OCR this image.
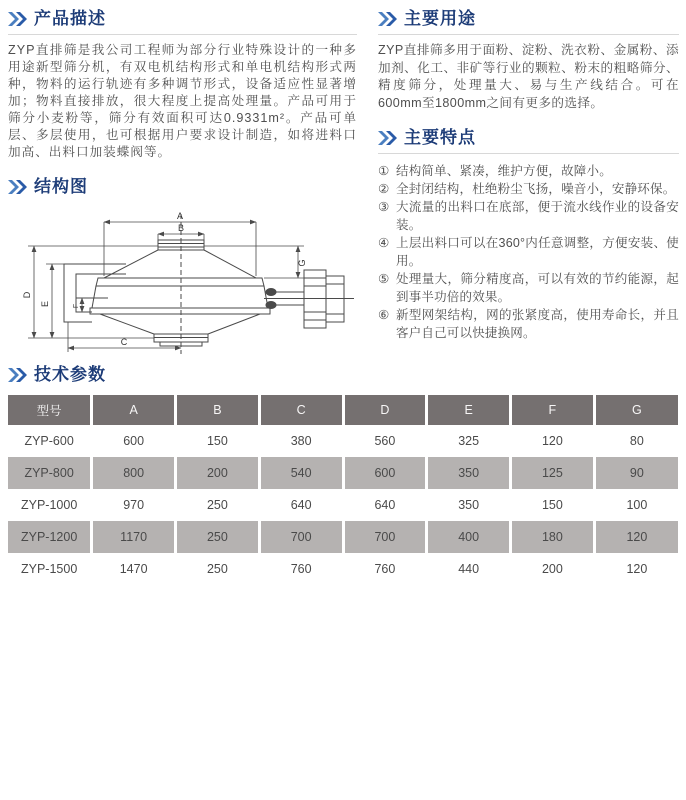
产品描述

ZYP直排筛是我公司工程师为部分行业特殊设计的一种多用途新型筛分机，有双电机结构形式和单电机结构形式两种，物料的运行轨迹有多种调节形式，设备适应性显著增加；物料直接排放，很大程度上提高处理量。产品可用于筛分小麦粉等，筛分有效面积可达0.9331m²。产品可单层、多层使用，也可根据用户要求设计制造，如将进料口加高、出料口加装蝶阀等。

结构图
A
B
C
D
E	F
G
主要用途

ZYP直排筛多用于面粉、淀粉、洗衣粉、金属粉、添加剂、化工、非矿等行业的颗粒、粉末的粗略筛分、精度筛分，处理量大、易与生产线结合。可在600mm至1800mm之间有更多的选择。

主要特点
① 结构简单、紧凑，维护方便，故障小。
② 全封闭结构，杜绝粉尘飞扬，噪音小，安静环保。
③ 大流量的出料口在底部，便于流水线作业的设备安装。
④ 上层出料口可以在360°内任意调整，方便安装、使用。
⑤ 处理量大，筛分精度高，可以有效的节约能源，起到事半功倍的效果。
⑥ 新型网架结构，网的张紧度高，使用寿命长，并且客户自己可以快捷换网。
技术参数
型号	A	B	C	D	E	F	G
ZYP-600	600	150	380	560	325	120	80
ZYP-800	800	200	540	600	350	125	90
ZYP-1000	970	250	640	640	350	150	100
ZYP-1200	1170	250	700	700	400	180	120
ZYP-1500	1470	250	760	760	440	200	120
